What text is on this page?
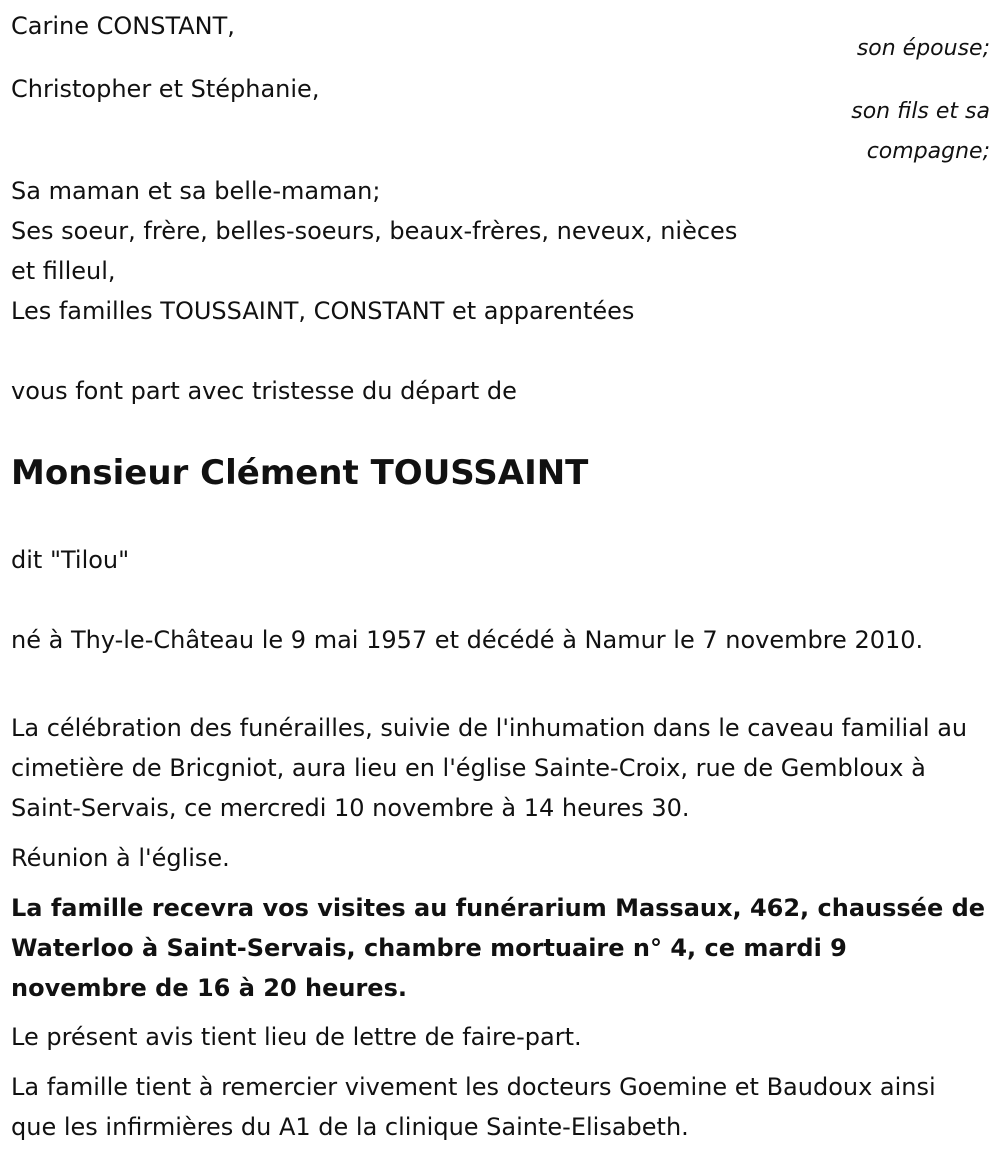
Carine CONSTANT,
son épouse;
Christopher et Stéphanie,
son fils et sa
compagne;
Sa maman et sa belle-maman;
Ses soeur, frère, belles-soeurs, beaux-frères, neveux, nièces
et filleul,
Les familles TOUSSAINT, CONSTANT et apparentées
vous font part avec tristesse du départ de
Monsieur Clément TOUSSAINT
dit "Tilou"

né à Thy-le-Château le 9 mai 1957 et décédé à Namur le 7 novembre 2010.

La célébration des funérailles, suivie de l'inhumation dans le caveau familial au cimetière de Bricgniot, aura lieu en l'église Sainte-Croix, rue de Gembloux à Saint-Servais, ce mercredi 10 novembre à 14 heures 30.

Réunion à l'église.

La famille recevra vos visites au funérarium Massaux, 462, chaussée de Waterloo à Saint-Servais, chambre mortuaire n° 4, ce mardi 9 novembre de 16 à 20 heures.

Le présent avis tient lieu de lettre de faire-part.

La famille tient à remercier vivement les docteurs Goemine et Baudoux ainsi que les infirmières du A1 de la clinique Sainte-Elisabeth.
